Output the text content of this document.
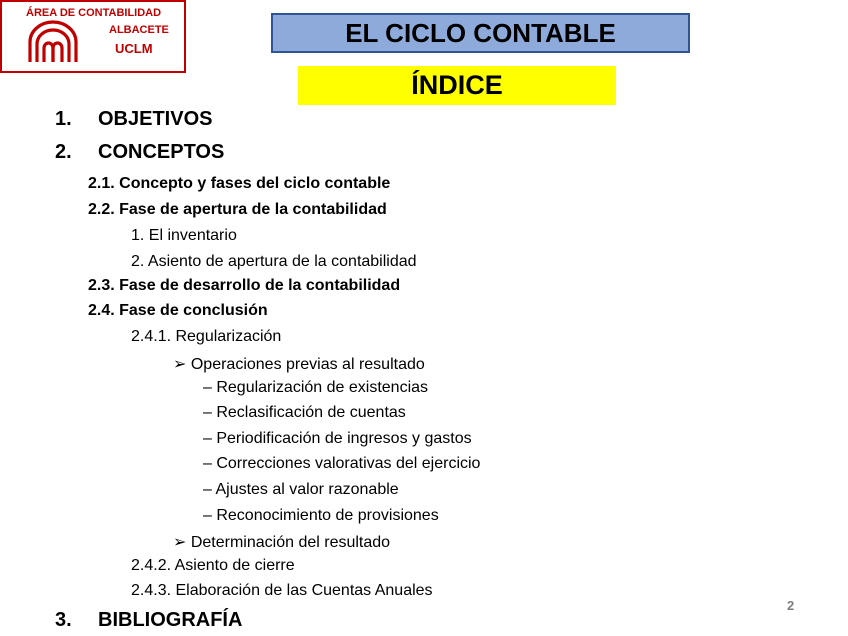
ÁREA DE CONTABILIDAD
ALBACETE
UCLM
EL CICLO CONTABLE
ÍNDICE
1. OBJETIVOS
2. CONCEPTOS
2.1. Concepto y fases del ciclo contable
2.2. Fase de apertura de la contabilidad
1. El inventario
2. Asiento de apertura de la contabilidad
2.3. Fase de desarrollo de la contabilidad
2.4. Fase de conclusión
2.4.1. Regularización
➢ Operaciones previas al resultado
– Regularización de existencias
– Reclasificación de cuentas
– Periodificación de ingresos y gastos
– Correcciones valorativas del ejercicio
– Ajustes al valor razonable
– Reconocimiento de provisiones
➢ Determinación del resultado
2.4.2. Asiento de cierre
2.4.3. Elaboración de las Cuentas Anuales
3. BIBLIOGRAFÍA
2
